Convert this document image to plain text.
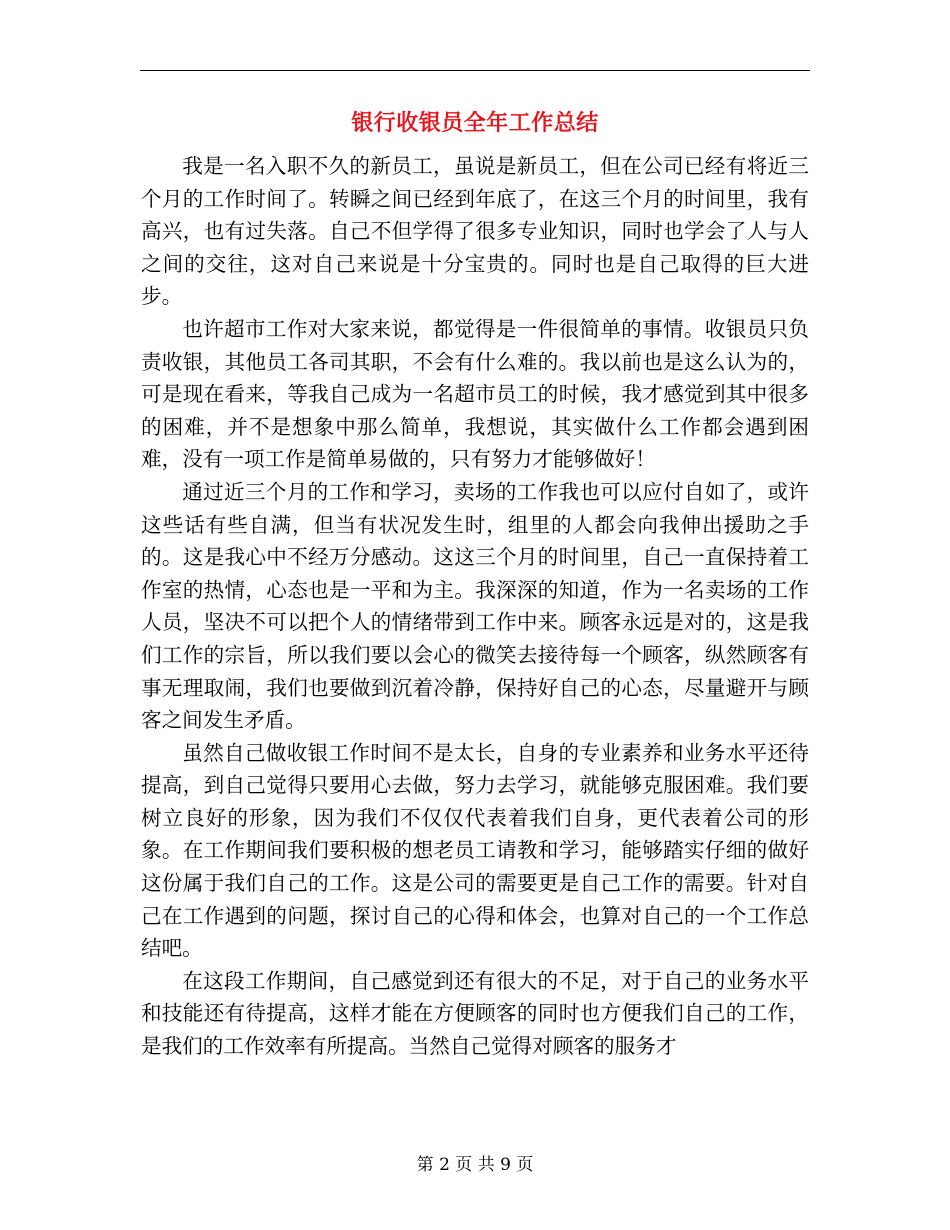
银行收银员全年工作总结

我是一名入职不久的新员工，虽说是新员工，但在公司已经有将近三个月的工作时间了。转瞬之间已经到年底了，在这三个月的时间里，我有高兴，也有过失落。自己不但学得了很多专业知识，同时也学会了人与人之间的交往，这对自己来说是十分宝贵的。同时也是自己取得的巨大进步。

也许超市工作对大家来说，都觉得是一件很简单的事情。收银员只负责收银，其他员工各司其职，不会有什么难的。我以前也是这么认为的，可是现在看来，等我自己成为一名超市员工的时候，我才感觉到其中很多的困难，并不是想象中那么简单，我想说，其实做什么工作都会遇到困难，没有一项工作是简单易做的，只有努力才能够做好！

通过近三个月的工作和学习，卖场的工作我也可以应付自如了，或许这些话有些自满，但当有状况发生时，组里的人都会向我伸出援助之手的。这是我心中不经万分感动。这这三个月的时间里，自己一直保持着工作室的热情，心态也是一平和为主。我深深的知道，作为一名卖场的工作人员，坚决不可以把个人的情绪带到工作中来。顾客永远是对的，这是我们工作的宗旨，所以我们要以会心的微笑去接待每一个顾客，纵然顾客有事无理取闹，我们也要做到沉着冷静，保持好自己的心态，尽量避开与顾客之间发生矛盾。

虽然自己做收银工作时间不是太长，自身的专业素养和业务水平还待提高，到自己觉得只要用心去做，努力去学习，就能够克服困难。我们要树立良好的形象，因为我们不仅仅代表着我们自身，更代表着公司的形象。在工作期间我们要积极的想老员工请教和学习，能够踏实仔细的做好这份属于我们自己的工作。这是公司的需要更是自己工作的需要。针对自己在工作遇到的问题，探讨自己的心得和体会，也算对自己的一个工作总结吧。

在这段工作期间，自己感觉到还有很大的不足，对于自己的业务水平和技能还有待提高，这样才能在方便顾客的同时也方便我们自己的工作，是我们的工作效率有所提高。当然自己觉得对顾客的服务才

第 2 页 共 9 页
